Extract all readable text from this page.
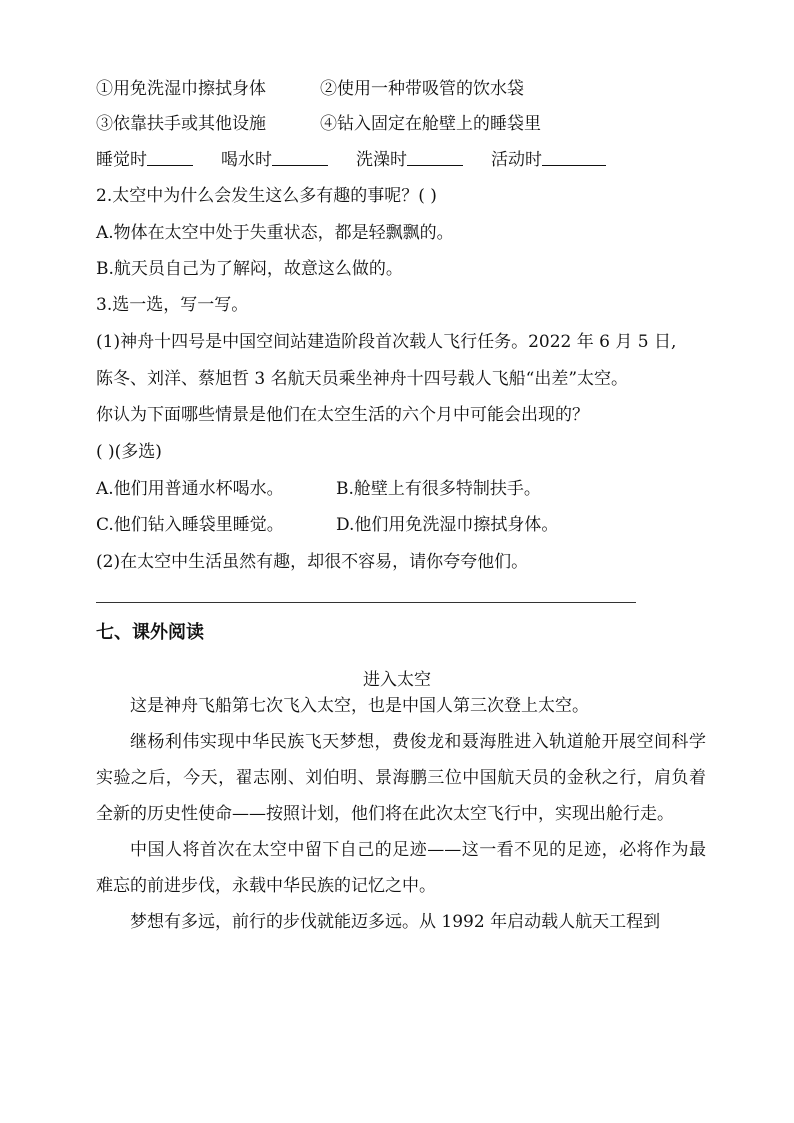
①用免洗湿巾擦拭身体	②使用一种带吸管的饮水袋
③依靠扶手或其他设施	④钻入固定在舱壁上的睡袋里
睡觉时	喝水时	洗澡时	活动时
2.太空中为什么会发生这么多有趣的事呢？( )
A.物体在太空中处于失重状态，都是轻飘飘的。
B.航天员自己为了解闷，故意这么做的。
3.选一选，写一写。
(1)神舟十四号是中国空间站建造阶段首次载人飞行任务。2022 年 6 月 5 日,
陈冬、刘洋、蔡旭哲 3 名航天员乘坐神舟十四号载人飞船“出差”太空。
你认为下面哪些情景是他们在太空生活的六个月中可能会出现的？
( )(多选)
A.他们用普通水杯喝水。	B.舱壁上有很多特制扶手。
C.他们钻入睡袋里睡觉。	D.他们用免洗湿巾擦拭身体。
(2)在太空中生活虽然有趣，却很不容易，请你夸夸他们。
七、课外阅读
进入太空

这是神舟飞船第七次飞入太空，也是中国人第三次登上太空。

继杨利伟实现中华民族飞天梦想，费俊龙和聂海胜进入轨道舱开展空间科学实验之后，今天，翟志刚、刘伯明、景海鹏三位中国航天员的金秋之行，肩负着全新的历史性使命——按照计划，他们将在此次太空飞行中，实现出舱行走。

中国人将首次在太空中留下自己的足迹——这一看不见的足迹，必将作为最难忘的前进步伐，永载中华民族的记忆之中。

梦想有多远，前行的步伐就能迈多远。从 1992 年启动载人航天工程到
